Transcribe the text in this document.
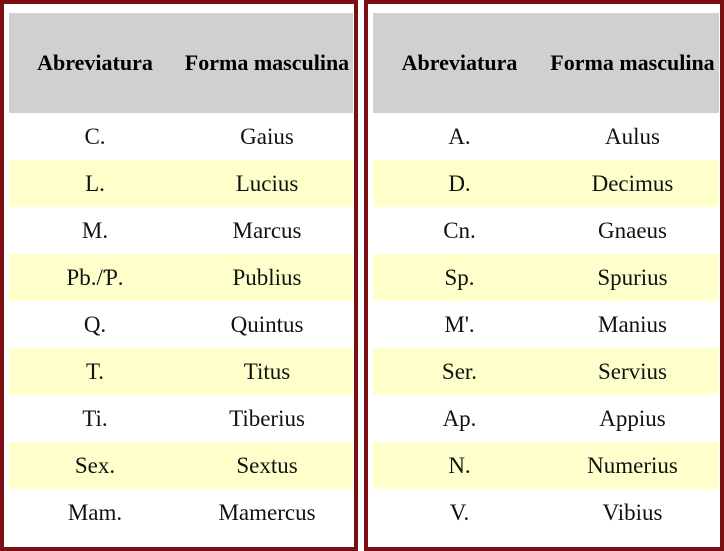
Abreviatura	Forma masculina
C.	Gaius
L.	Lucius
M.	Marcus
Pb./Ƥ.	Publius
Q.	Quintus
T.	Titus
Ti.	Tiberius
Sex.	Sextus
Mam.	Mamercus
Abreviatura	Forma masculina
A.	Aulus
D.	Decimus
Cn.	Gnaeus
Sp.	Spurius
M'.	Manius
Ser.	Servius
Ap.	Appius
N.	Numerius
V.	Vibius
